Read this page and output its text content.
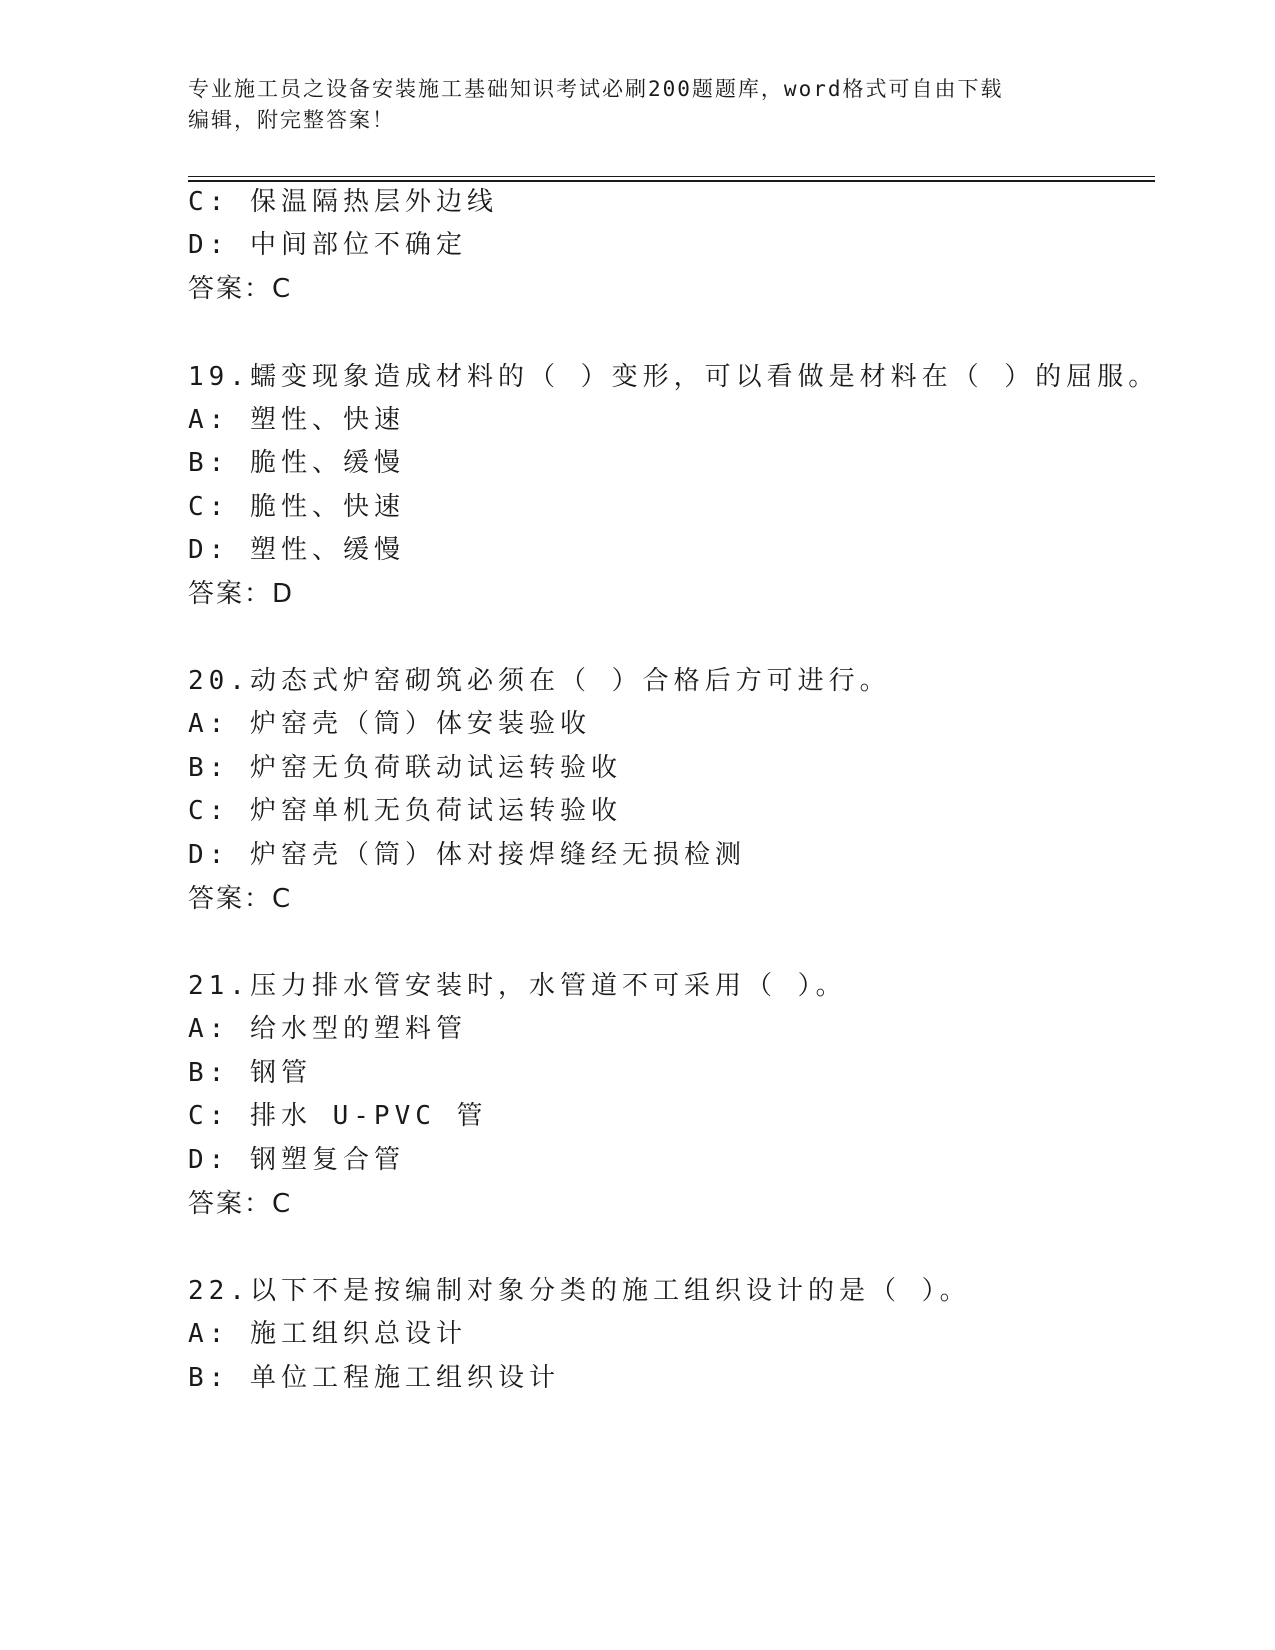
专业施工员之设备安装施工基础知识考试必刷200题题库，word格式可自由下载
编辑，附完整答案！
C: 保温隔热层外边线
D: 中间部位不确定
答案：C
19.蠕变现象造成材料的（ ）变形，可以看做是材料在（ ）的屈服。
A: 塑性、快速
B: 脆性、缓慢
C: 脆性、快速
D: 塑性、缓慢
答案：D
20.动态式炉窑砌筑必须在（ ）合格后方可进行。
A: 炉窑壳（筒）体安装验收
B: 炉窑无负荷联动试运转验收
C: 炉窑单机无负荷试运转验收
D: 炉窑壳（筒）体对接焊缝经无损检测
答案：C
21.压力排水管安装时，水管道不可采用（ ）。
A: 给水型的塑料管
B: 钢管
C: 排水 U-PVC 管
D: 钢塑复合管
答案：C
22.以下不是按编制对象分类的施工组织设计的是（ ）。
A: 施工组织总设计
B: 单位工程施工组织设计
